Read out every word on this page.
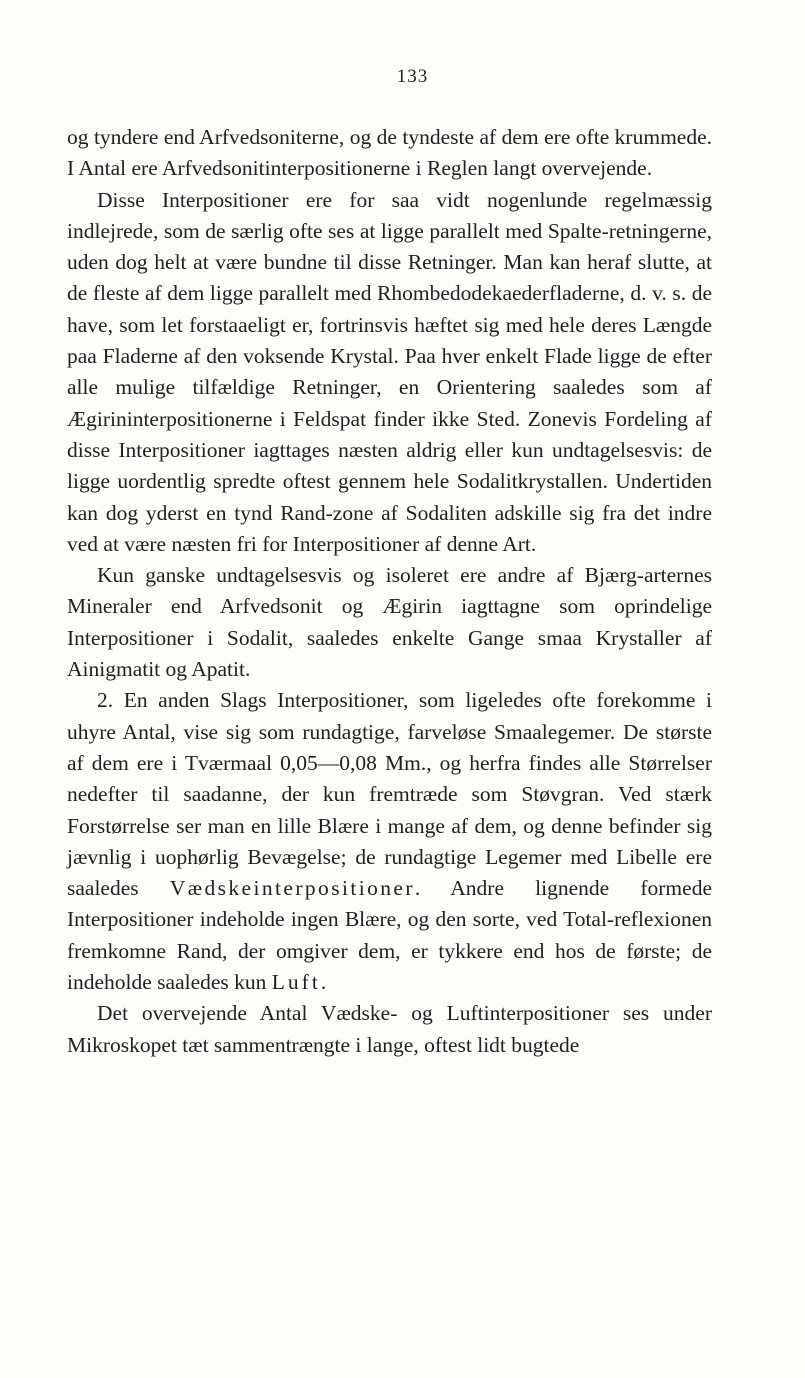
133

og tyndere end Arfvedsoniterne, og de tyndeste af dem ere ofte krummede. I Antal ere Arfvedsonitinterpositionerne i Reglen langt overvejende.

Disse Interpositioner ere for saa vidt nogenlunde regelmæssig indlejrede, som de særlig ofte ses at ligge parallelt med Spalte-retningerne, uden dog helt at være bundne til disse Retninger. Man kan heraf slutte, at de fleste af dem ligge parallelt med Rhombedodekaederfladerne, d. v. s. de have, som let forstaaeligt er, fortrinsvis hæftet sig med hele deres Længde paa Fladerne af den voksende Krystal. Paa hver enkelt Flade ligge de efter alle mulige tilfældige Retninger, en Orientering saaledes som af Ægirininterpositionerne i Feldspat finder ikke Sted. Zonevis Fordeling af disse Interpositioner iagttages næsten aldrig eller kun undtagelsesvis: de ligge uordentlig spredte oftest gennem hele Sodalitkrystallen. Undertiden kan dog yderst en tynd Rand-zone af Sodaliten adskille sig fra det indre ved at være næsten fri for Interpositioner af denne Art.

Kun ganske undtagelsesvis og isoleret ere andre af Bjærg-arternes Mineraler end Arfvedsonit og Ægirin iagttagne som oprindelige Interpositioner i Sodalit, saaledes enkelte Gange smaa Krystaller af Ainigmatit og Apatit.

2. En anden Slags Interpositioner, som ligeledes ofte forekomme i uhyre Antal, vise sig som rundagtige, farveløse Smaalegemer. De største af dem ere i Tværmaal 0,05—0,08 Mm., og herfra findes alle Størrelser nedefter til saadanne, der kun fremtræde som Støvgran. Ved stærk Forstørrelse ser man en lille Blære i mange af dem, og denne befinder sig jævnlig i uophørlig Bevægelse; de rundagtige Legemer med Libelle ere saaledes Vædskeinterpositioner. Andre lignende formede Interpositioner indeholde ingen Blære, og den sorte, ved Total-reflexionen fremkomne Rand, der omgiver dem, er tykkere end hos de første; de indeholde saaledes kun Luft.

Det overvejende Antal Vædske- og Luftinterpositioner ses under Mikroskopet tæt sammentrængte i lange, oftest lidt bugtede
